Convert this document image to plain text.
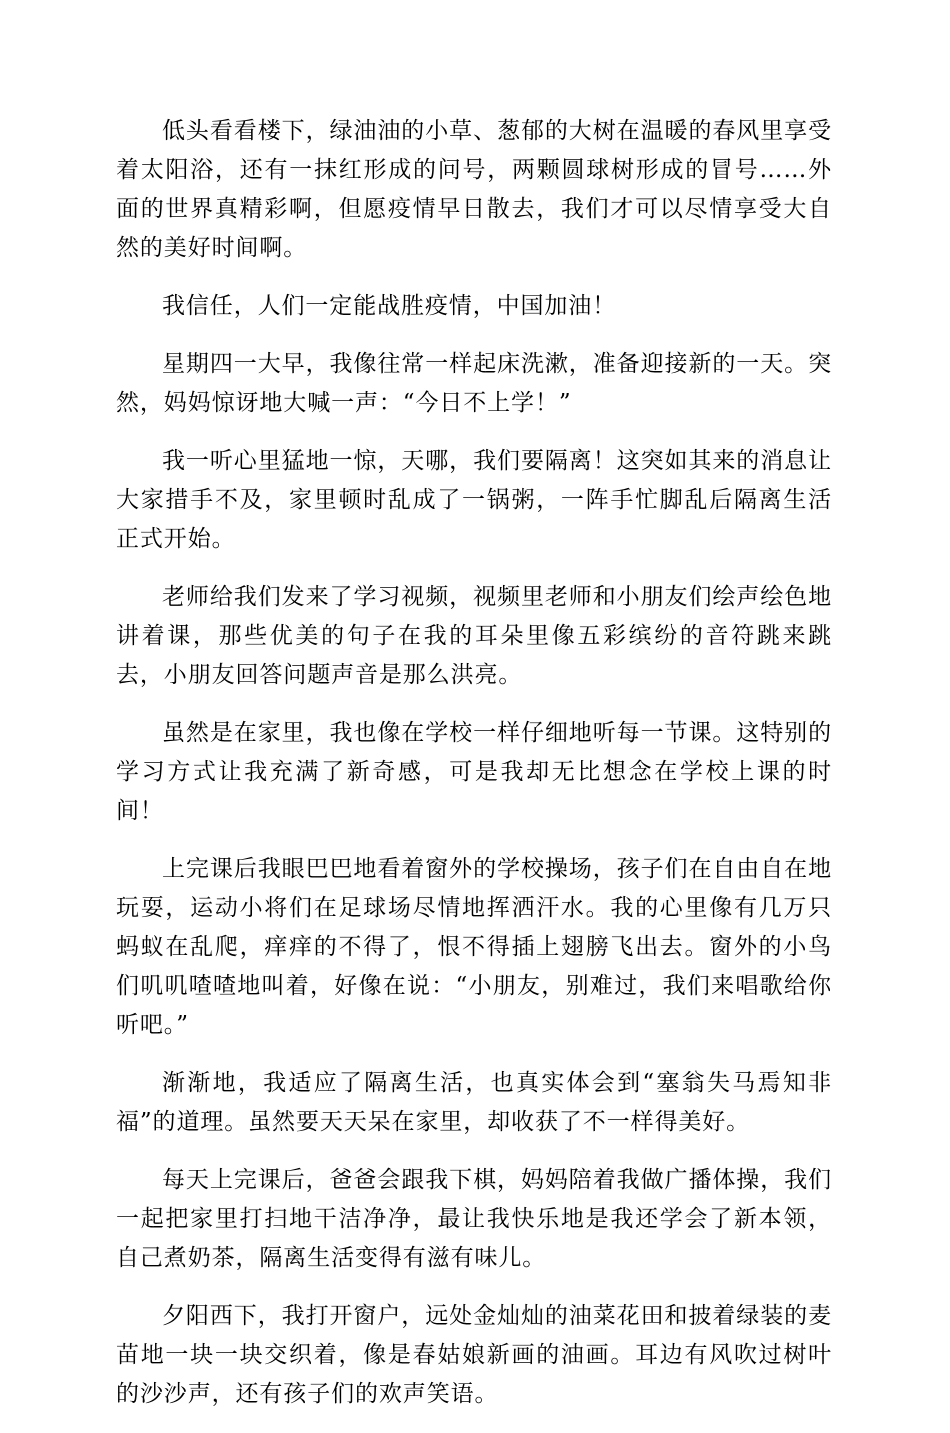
低头看看楼下，绿油油的小草、葱郁的大树在温暖的春风里享受着太阳浴，还有一抹红形成的问号，两颗圆球树形成的冒号……外面的世界真精彩啊，但愿疫情早日散去，我们才可以尽情享受大自然的美好时间啊。

我信任，人们一定能战胜疫情，中国加油！

星期四一大早，我像往常一样起床洗漱，准备迎接新的一天。突然，妈妈惊讶地大喊一声：“今日不上学！”

我一听心里猛地一惊，天哪，我们要隔离！这突如其来的消息让大家措手不及，家里顿时乱成了一锅粥，一阵手忙脚乱后隔离生活正式开始。

老师给我们发来了学习视频，视频里老师和小朋友们绘声绘色地讲着课，那些优美的句子在我的耳朵里像五彩缤纷的音符跳来跳去，小朋友回答问题声音是那么洪亮。

虽然是在家里，我也像在学校一样仔细地听每一节课。这特别的学习方式让我充满了新奇感，可是我却无比想念在学校上课的时间！

上完课后我眼巴巴地看着窗外的学校操场，孩子们在自由自在地玩耍，运动小将们在足球场尽情地挥洒汗水。我的心里像有几万只蚂蚁在乱爬，痒痒的不得了，恨不得插上翅膀飞出去。窗外的小鸟们叽叽喳喳地叫着，好像在说：“小朋友，别难过，我们来唱歌给你听吧。”

渐渐地，我适应了隔离生活，也真实体会到“塞翁失马焉知非福”的道理。虽然要天天呆在家里，却收获了不一样得美好。

每天上完课后，爸爸会跟我下棋，妈妈陪着我做广播体操，我们一起把家里打扫地干洁净净，最让我快乐地是我还学会了新本领，自己煮奶茶，隔离生活变得有滋有味儿。

夕阳西下，我打开窗户，远处金灿灿的油菜花田和披着绿装的麦苗地一块一块交织着，像是春姑娘新画的油画。耳边有风吹过树叶的沙沙声，还有孩子们的欢声笑语。
